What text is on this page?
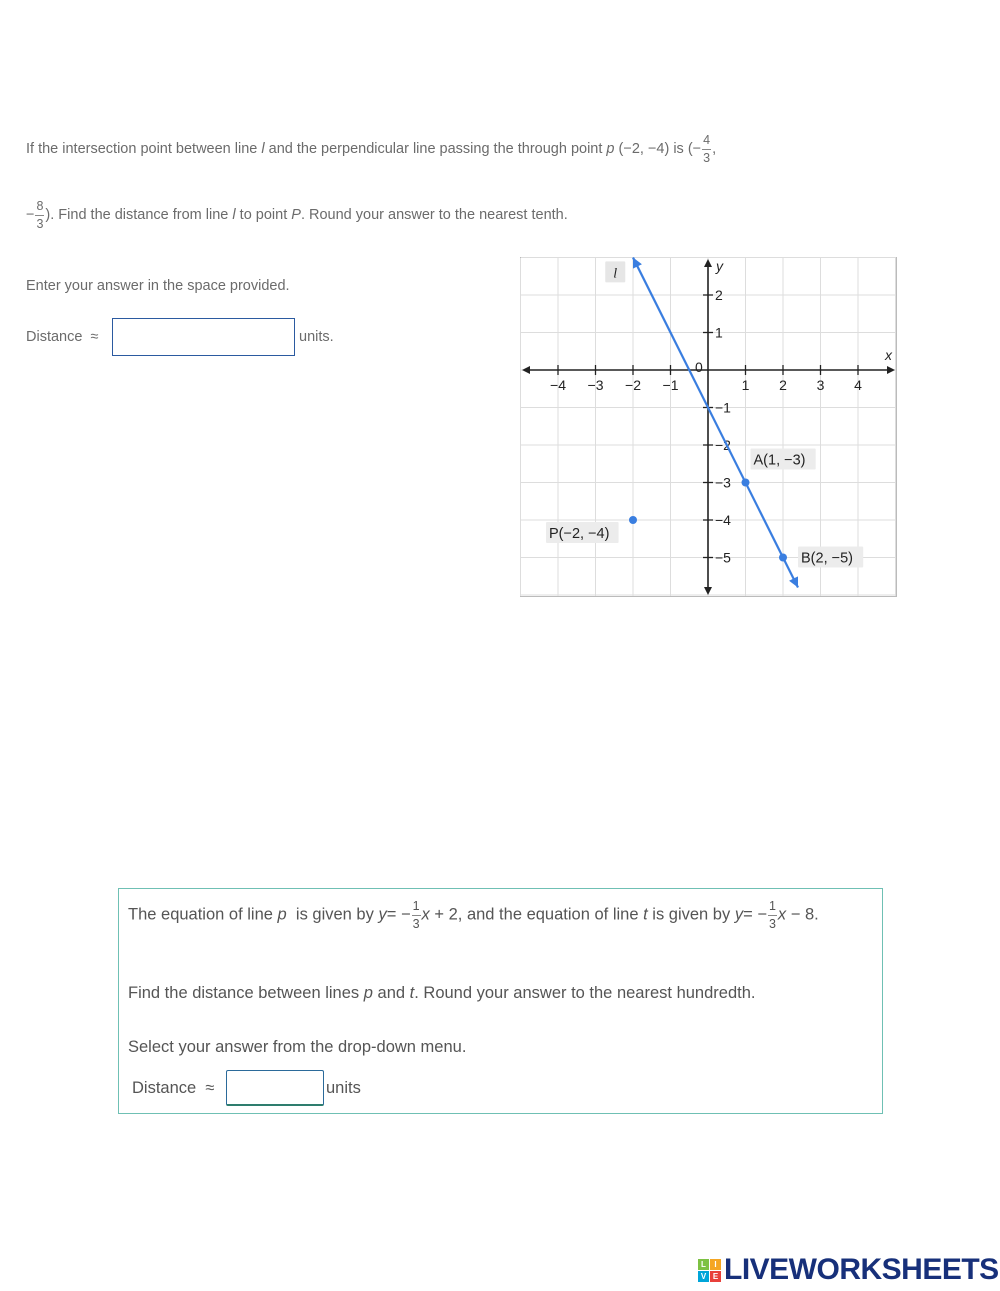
If the intersection point between line l and the perpendicular line passing the through point p (−2, −4) is (− $\frac{4}{3}$ ,
− $\frac{8}{3}$ ). Find the distance from line l to point P. Round your answer to the nearest tenth.
Enter your answer in the space provided.
Distance ≈	units.
−4 −3 −2 −1	1 2 3 4
2
1
−1
−2
−3
−4
−5
0
x
y
l
A(1, −3)
B(2, −5)
P(−2, −4)
The equation of line p is given by $y= - \frac{1}{3}$ x + 2, and the equation of line t is given by $y= - \frac{1}{3}$ x − 8.
Find the distance between lines p and t. Round your answer to the nearest hundredth.
Select your answer from the drop-down menu.
Distance ≈	units
L	I
V E LIVEWORKSHEETS
